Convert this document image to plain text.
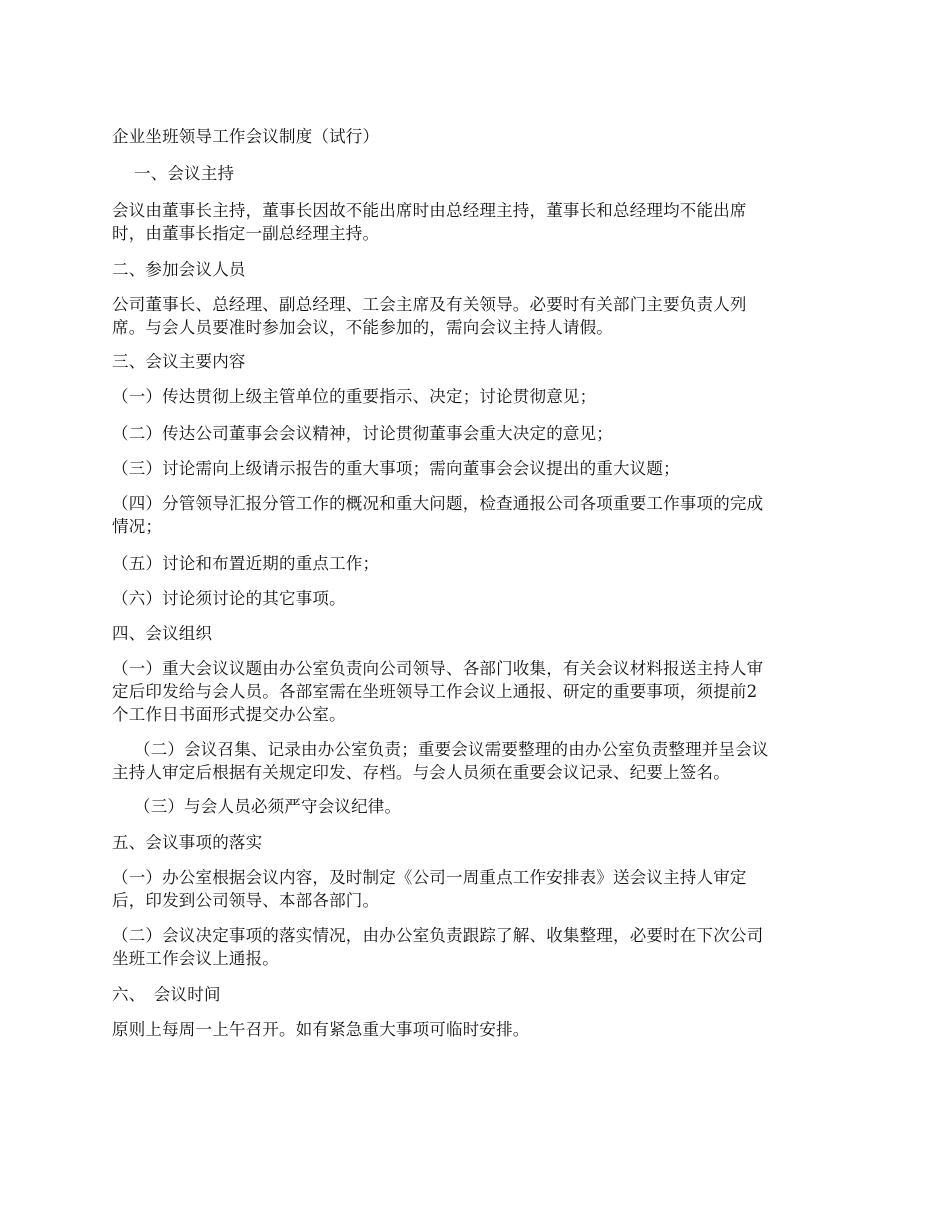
企业坐班领导工作会议制度（试行）
一、会议主持
会议由董事长主持，董事长因故不能出席时由总经理主持，董事长和总经理均不能出席
时，由董事长指定一副总经理主持。
二、参加会议人员
公司董事长、总经理、副总经理、工会主席及有关领导。必要时有关部门主要负责人列
席。与会人员要准时参加会议，不能参加的，需向会议主持人请假。
三、会议主要内容
（一）传达贯彻上级主管单位的重要指示、决定；讨论贯彻意见；
（二）传达公司董事会会议精神，讨论贯彻董事会重大决定的意见；
（三）讨论需向上级请示报告的重大事项；需向董事会会议提出的重大议题；
（四）分管领导汇报分管工作的概况和重大问题，检查通报公司各项重要工作事项的完成
情况；
（五）讨论和布置近期的重点工作；
（六）讨论须讨论的其它事项。
四、会议组织
（一）重大会议议题由办公室负责向公司领导、各部门收集，有关会议材料报送主持人审
定后印发给与会人员。各部室需在坐班领导工作会议上通报、研定的重要事项，须提前2
个工作日书面形式提交办公室。
（二）会议召集、记录由办公室负责；重要会议需要整理的由办公室负责整理并呈会议
主持人审定后根据有关规定印发、存档。与会人员须在重要会议记录、纪要上签名。
（三）与会人员必须严守会议纪律。
五、会议事项的落实
（一）办公室根据会议内容，及时制定《公司一周重点工作安排表》送会议主持人审定
后，印发到公司领导、本部各部门。
（二）会议决定事项的落实情况，由办公室负责跟踪了解、收集整理，必要时在下次公司
坐班工作会议上通报。
六、　会议时间
原则上每周一上午召开。如有紧急重大事项可临时安排。
